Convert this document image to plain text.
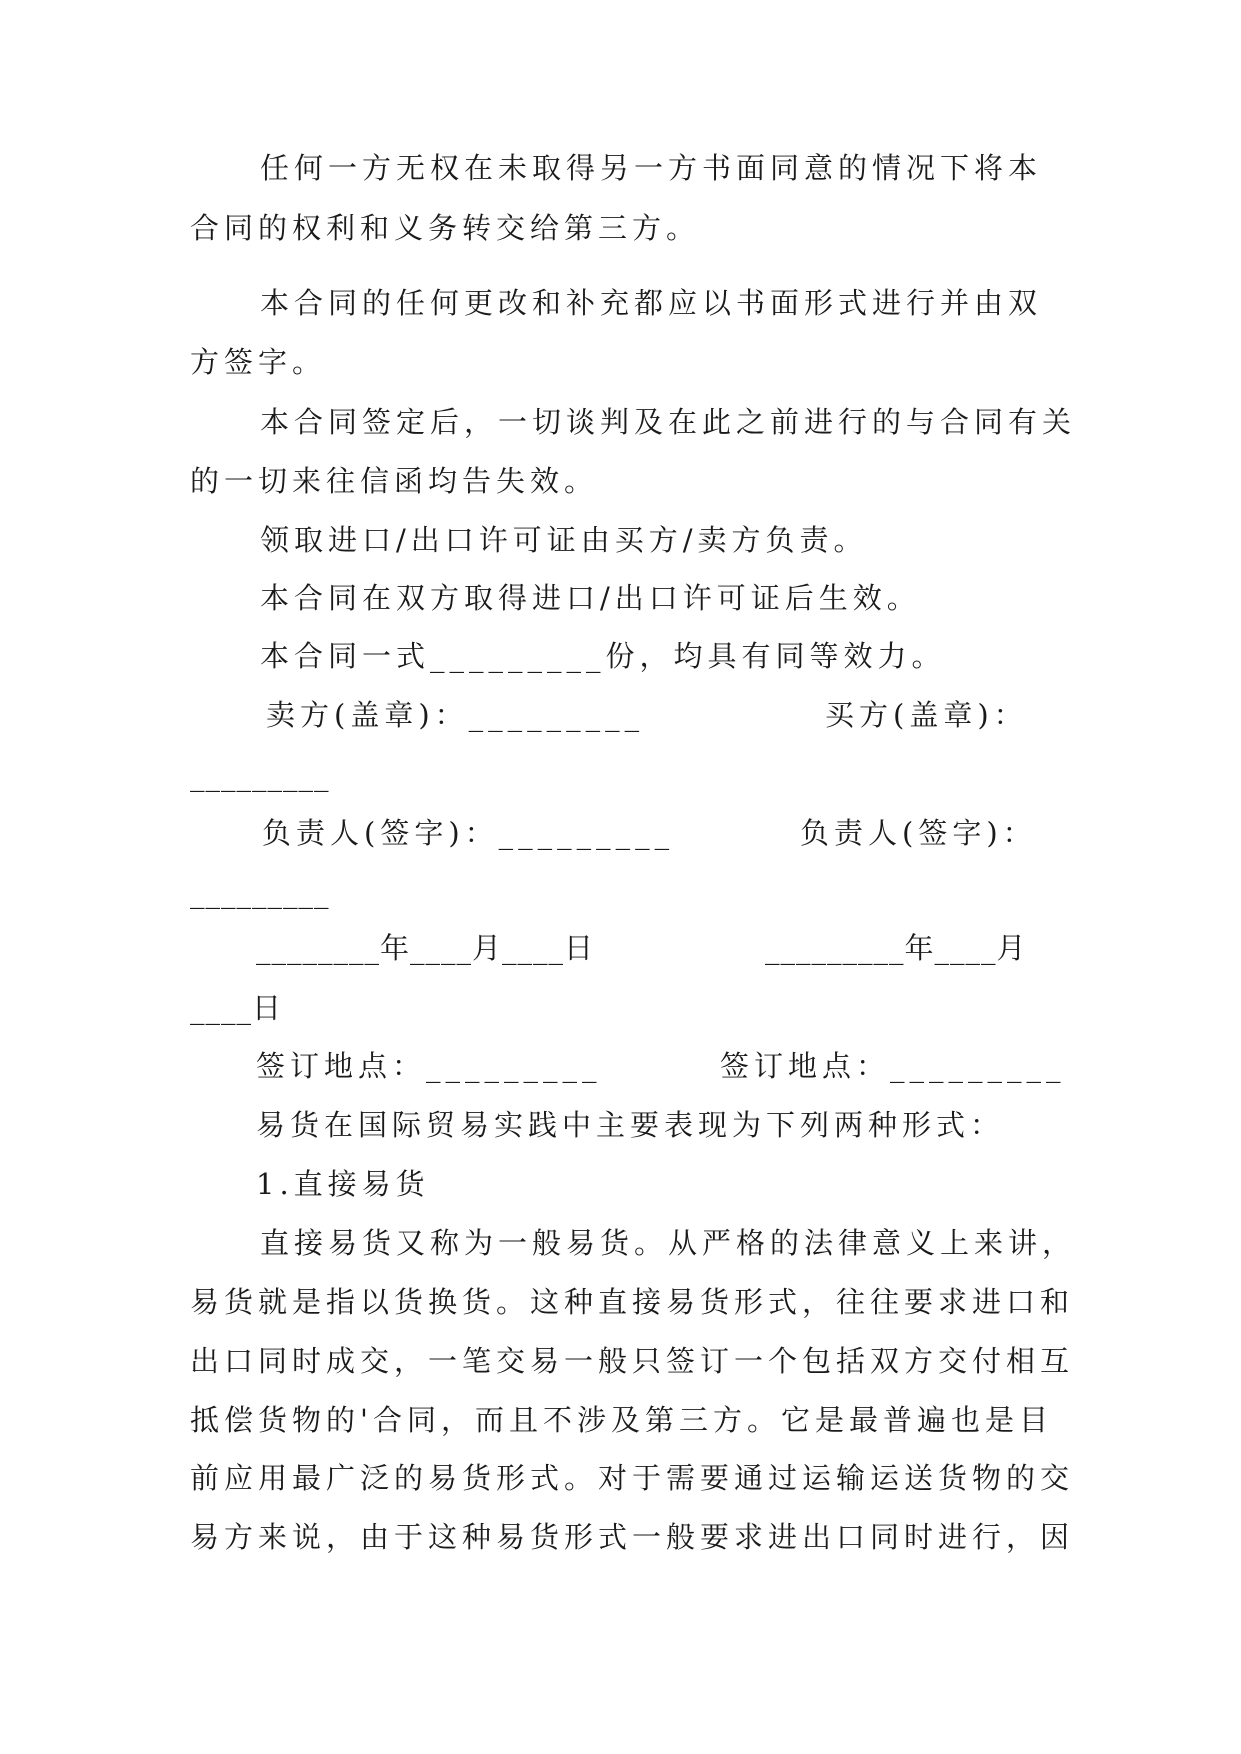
任何一方无权在未取得另一方书面同意的情况下将本
合同的权利和义务转交给第三方。
本合同的任何更改和补充都应以书面形式进行并由双
方签字。
本合同签定后，一切谈判及在此之前进行的与合同有关
的一切来往信函均告失效。
领取进口/出口许可证由买方/卖方负责。
本合同在双方取得进口/出口许可证后生效。
本合同一式_________份，均具有同等效力。
卖方(盖章)：_________	买方(盖章)：
_________
负责人(签字)：_________	负责人(签字)：
_________
________年____月____日	_________年____月
____日
签订地点：_________	签订地点：_________
易货在国际贸易实践中主要表现为下列两种形式：
1.直接易货
直接易货又称为一般易货。从严格的法律意义上来讲，
易货就是指以货换货。这种直接易货形式，往往要求进口和
出口同时成交，一笔交易一般只签订一个包括双方交付相互
抵偿货物的'合同，而且不涉及第三方。它是最普遍也是目
前应用最广泛的易货形式。对于需要通过运输运送货物的交
易方来说，由于这种易货形式一般要求进出口同时进行，因
